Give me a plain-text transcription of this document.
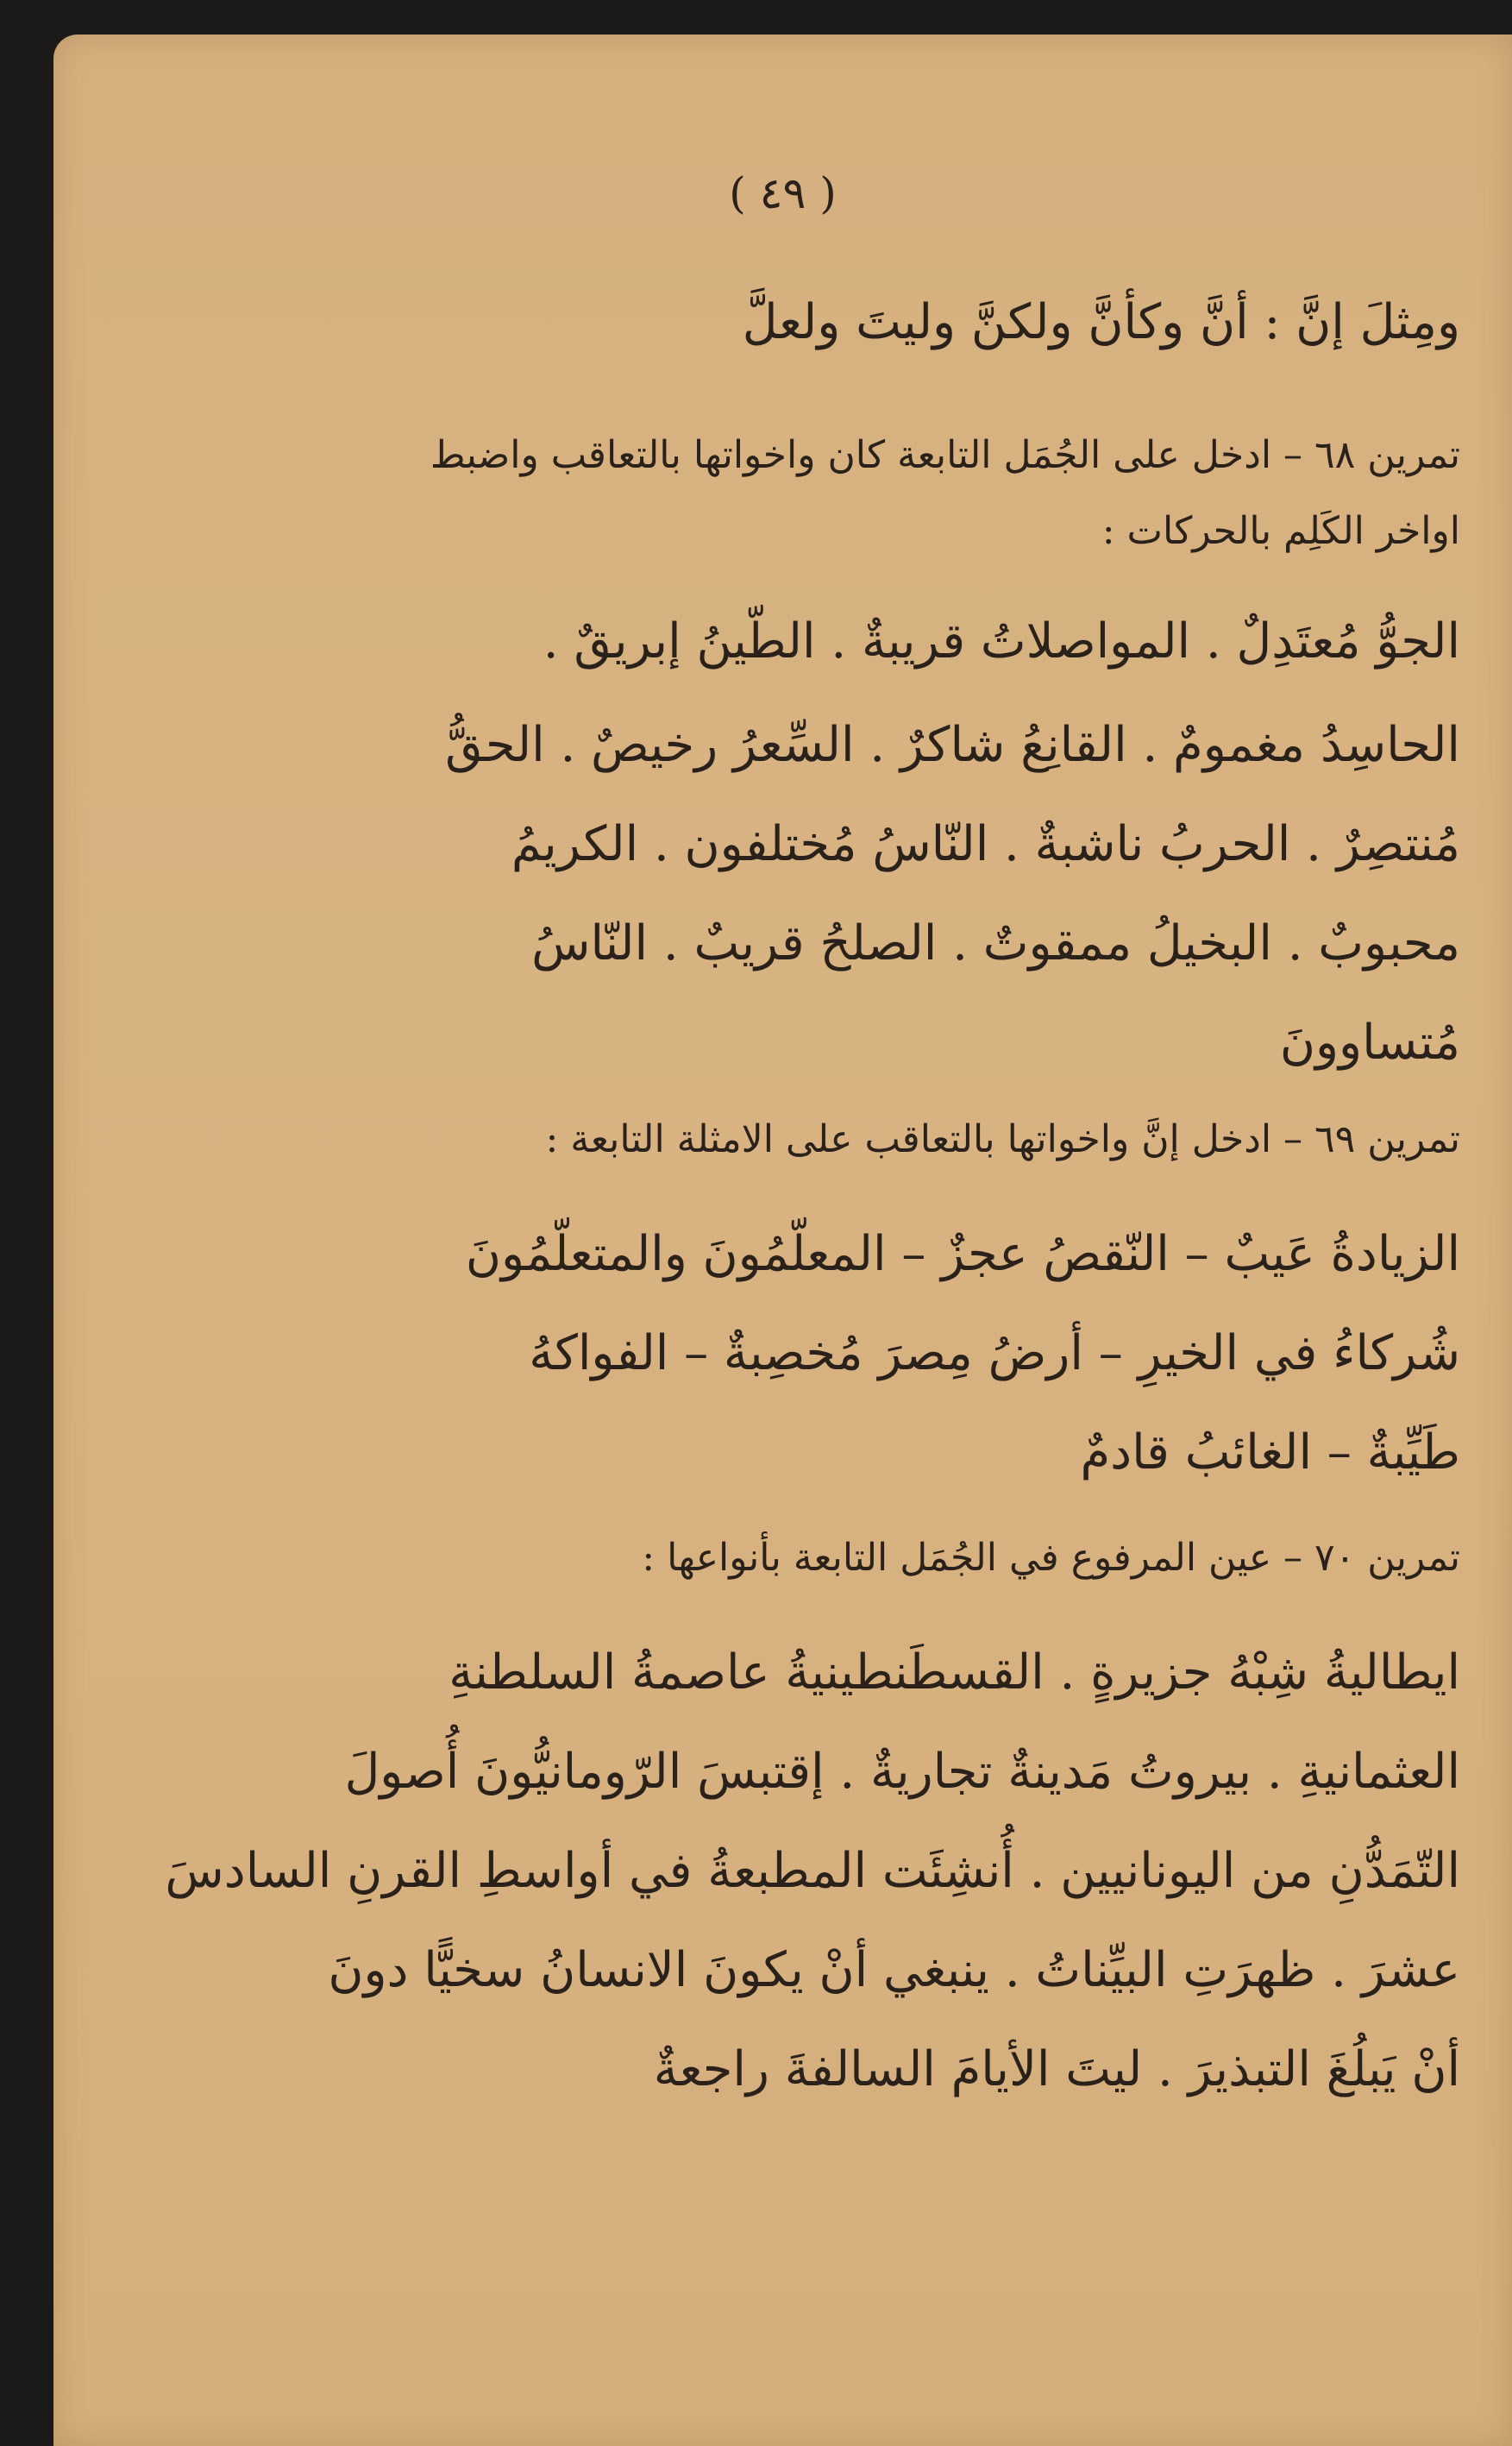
( ٤٩ )
ومِثلَ إنَّ : أنَّ وكأنَّ ولكنَّ وليتَ ولعلَّ
تمرين ٦٨ – ادخل على الجُمَل التابعة كان واخواتها بالتعاقب واضبط
اواخر الكَلِم بالحركات :
الجوُّ مُعتَدِلٌ . المواصلاتُ قريبةٌ . الطّينُ إبريقٌ .
الحاسِدُ مغمومٌ . القانِعُ شاكرٌ . السِّعرُ رخيصٌ . الحقُّ
مُنتصِرٌ . الحربُ ناشبةٌ . النّاسُ مُختلفون . الكريمُ
محبوبٌ . البخيلُ ممقوتٌ . الصلحُ قريبٌ . النّاسُ
مُتساوونَ
تمرين ٦٩ – ادخل إنَّ واخواتها بالتعاقب على الامثلة التابعة :
الزيادةُ عَيبٌ – النّقصُ عجزٌ – المعلّمُونَ والمتعلّمُونَ
شُركاءُ في الخيرِ – أرضُ مِصرَ مُخصِبةٌ – الفواكهُ
طَيِّبةٌ – الغائبُ قادمٌ
تمرين ٧٠ – عين المرفوع في الجُمَل التابعة بأنواعها :
ايطاليةُ شِبْهُ جزيرةٍ . القسطَنطينيةُ عاصمةُ السلطنةِ
العثمانيةِ . بيروتُ مَدينةٌ تجاريةٌ . إقتبسَ الرّومانيُّونَ أُصولَ
التّمَدُّنِ من اليونانيين . أُنشِئَت المطبعةُ في أواسطِ القرنِ السادسَ
عشرَ . ظهرَتِ البيِّناتُ . ينبغي أنْ يكونَ الانسانُ سخيًّا دونَ
أنْ يَبلُغَ التبذيرَ . ليتَ الأيامَ السالفةَ راجعةٌ
